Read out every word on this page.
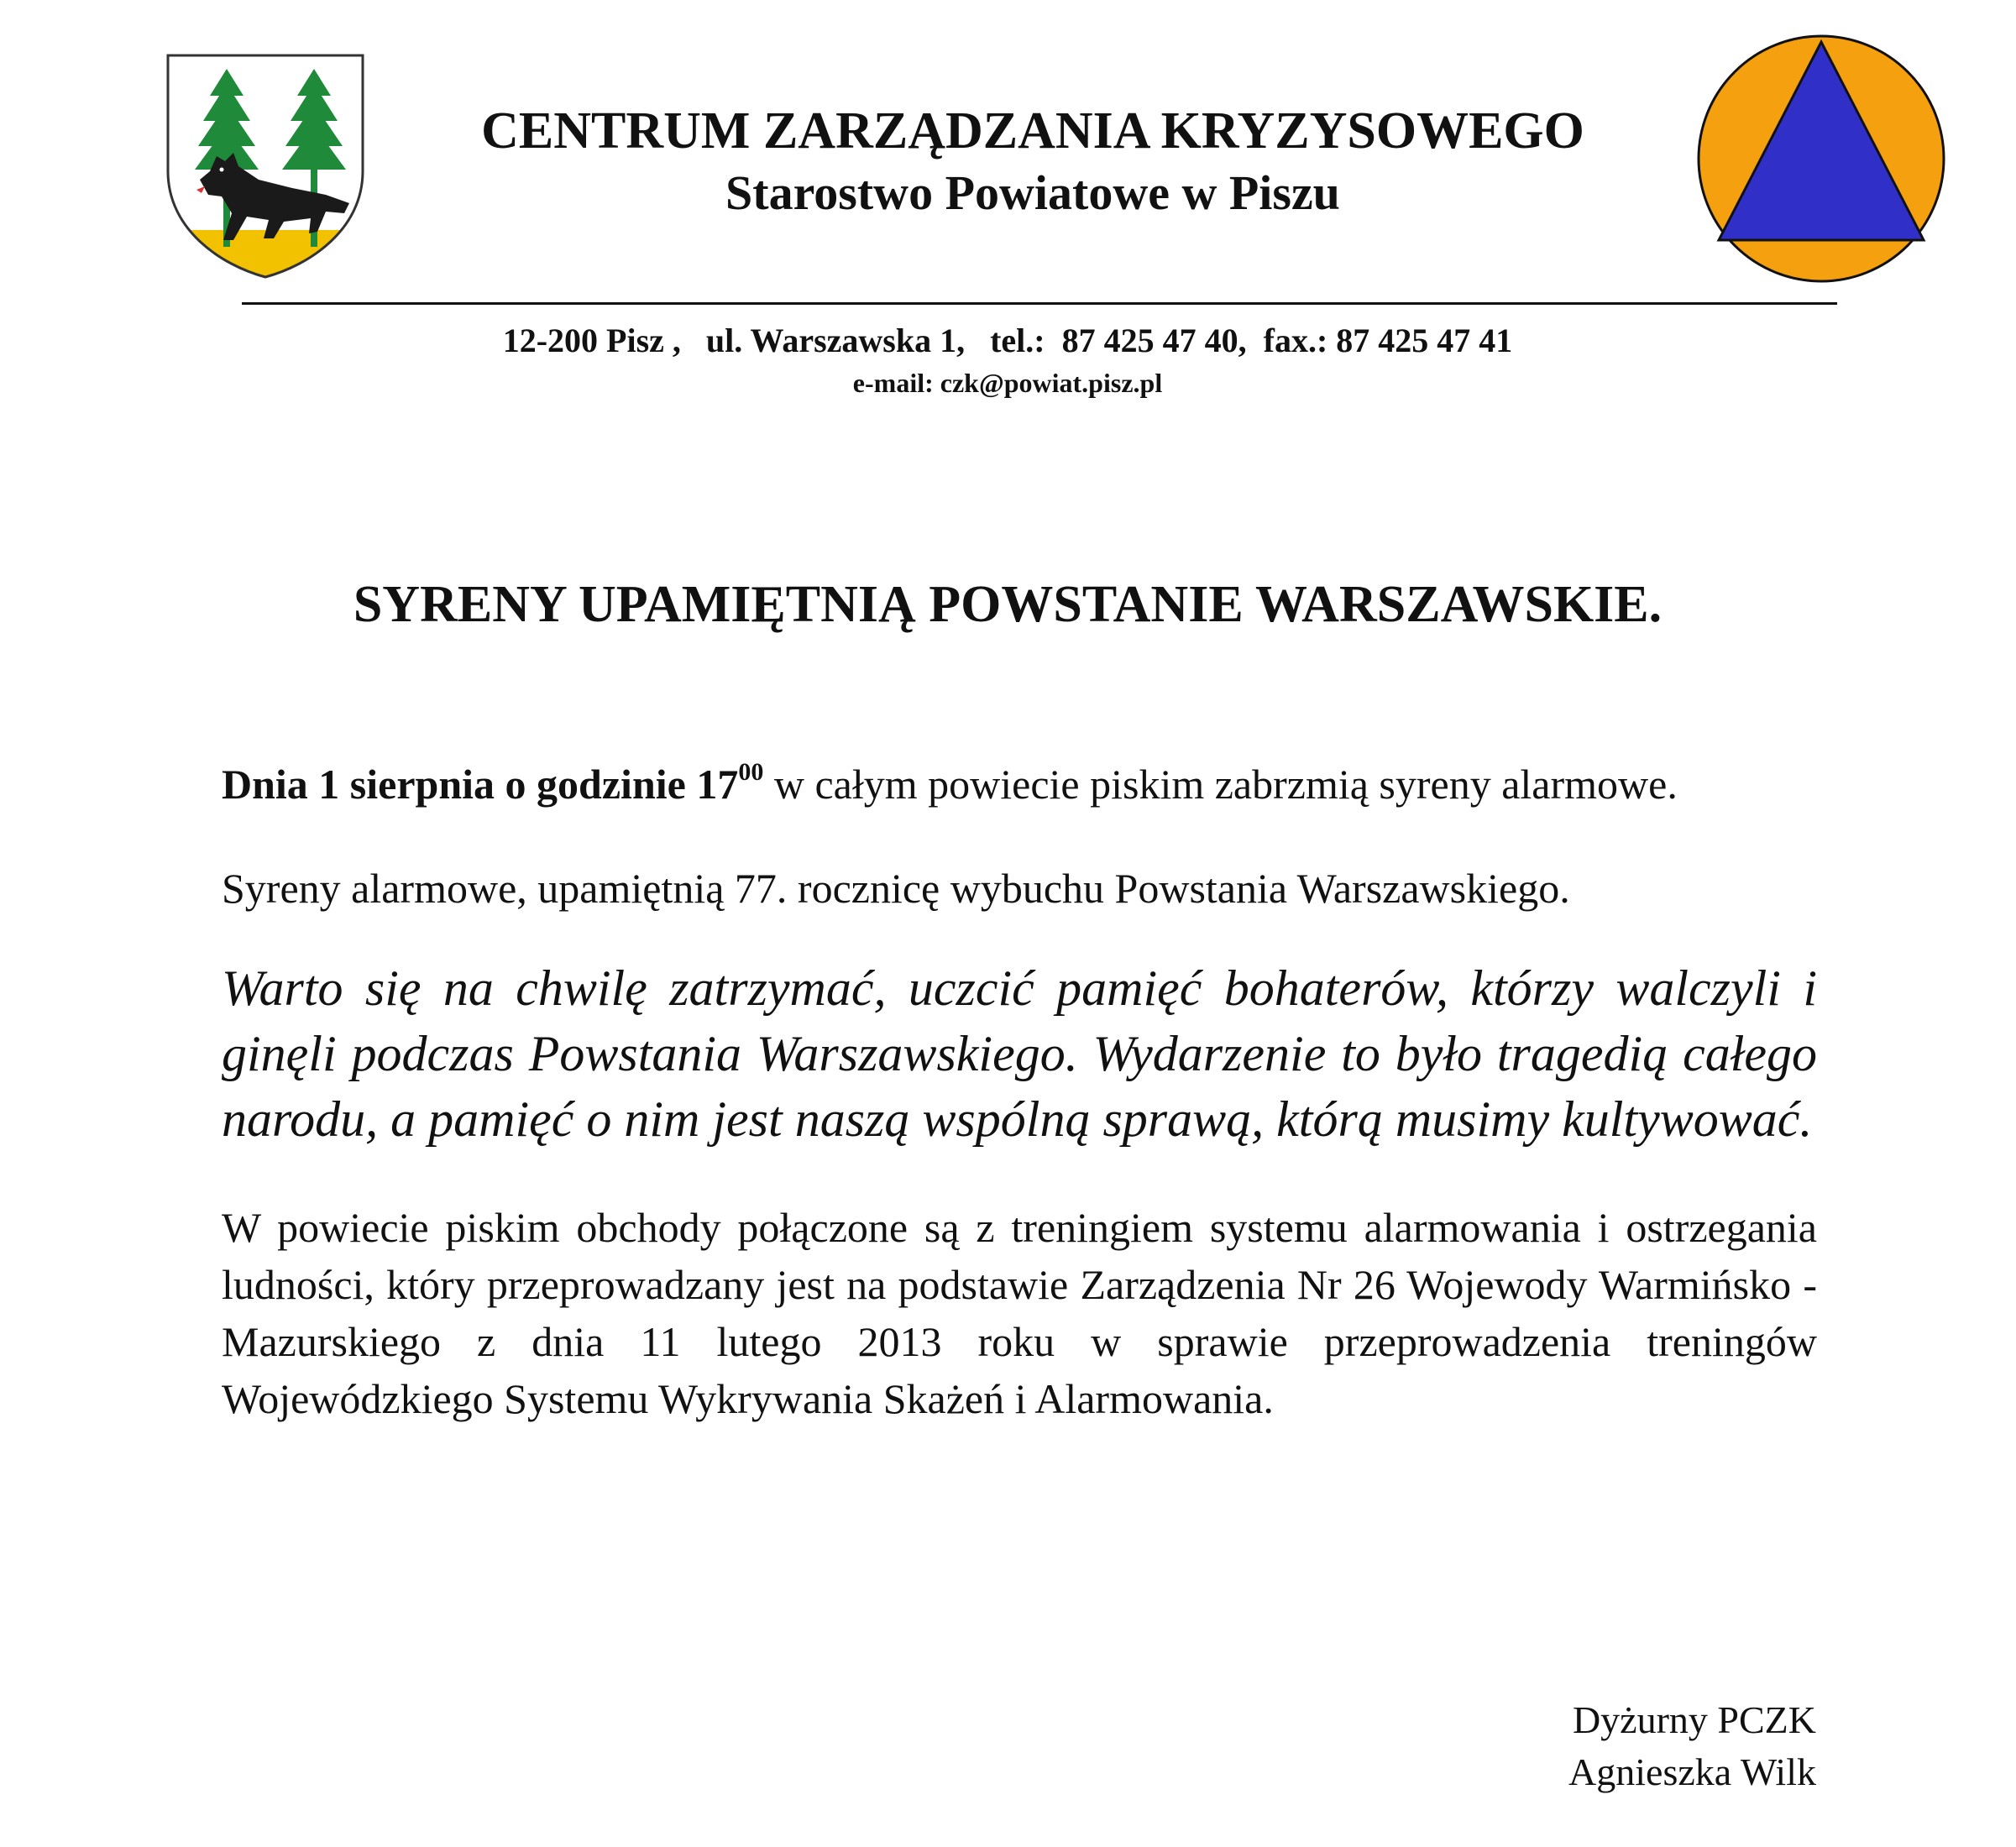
CENTRUM ZARZĄDZANIA KRYZYSOWEGO
Starostwo Powiatowe w Piszu
12-200 Pisz ,   ul. Warszawska 1,   tel.:  87 425 47 40,  fax.: 87 425 47 41
e-mail: czk@powiat.pisz.pl
SYRENY UPAMIĘTNIĄ POWSTANIE WARSZAWSKIE.

Dnia 1 sierpnia o godzinie $17^{00}$ w całym powiecie piskim zabrzmią syreny alarmowe.

Syreny alarmowe, upamiętnią 77. rocznicę wybuchu Powstania Warszawskiego.

Warto się na chwilę zatrzymać, uczcić pamięć bohaterów, którzy walczyli i ginęli podczas Powstania Warszawskiego. Wydarzenie to było tragedią całego narodu, a pamięć o nim jest naszą wspólną sprawą, którą musimy kultywować.

W powiecie piskim obchody połączone są z treningiem systemu alarmowania i ostrzegania ludności, który przeprowadzany jest na podstawie Zarządzenia Nr 26 Wojewody Warmińsko - Mazurskiego z dnia 11 lutego 2013 roku w sprawie przeprowadzenia treningów Wojewódzkiego Systemu Wykrywania Skażeń i Alarmowania.

Dyżurny PCZK
Agnieszka Wilk
